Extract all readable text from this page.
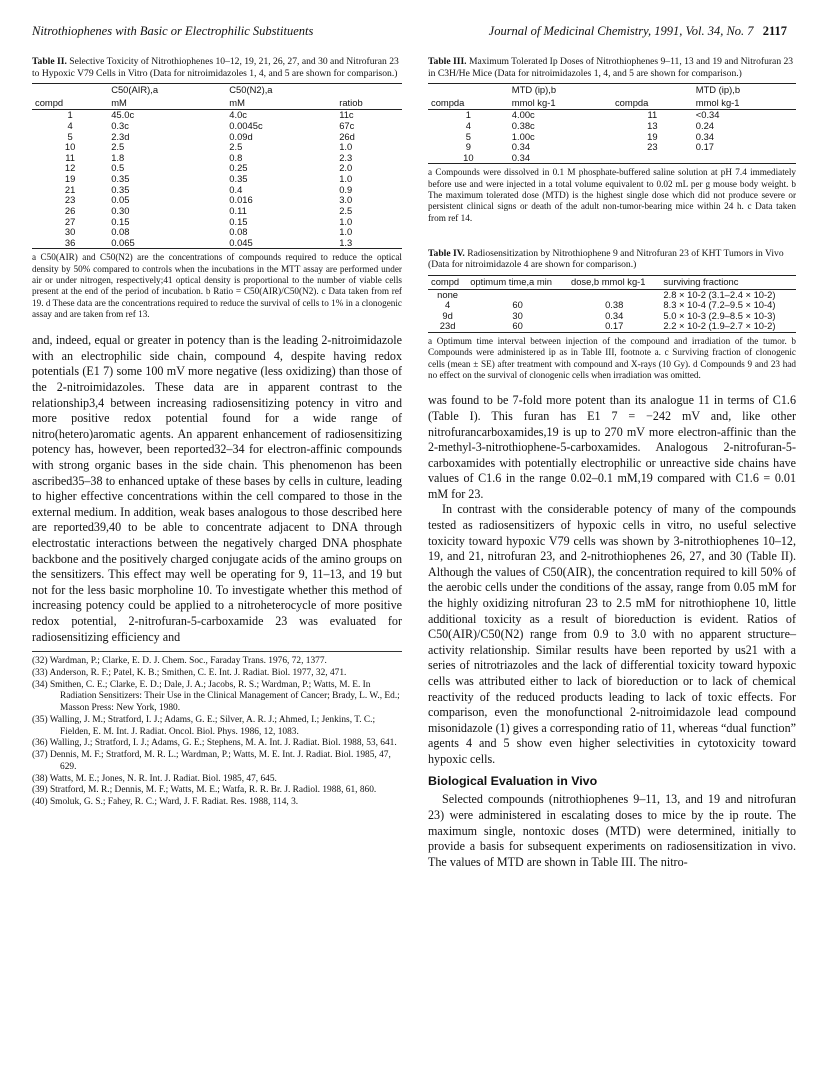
Nitrothiophenes with Basic or Electrophilic Substituents	Journal of Medicinal Chemistry, 1991, Vol. 34, No. 7 2117
Table II. Selective Toxicity of Nitrothiophenes 10–12, 19, 21, 26, 27, and 30 and Nitrofuran 23 to Hypoxic V79 Cells in Vitro (Data for nitroimidazoles 1, 4, and 5 are shown for comparison.)
	C50(AIR),a	C50(N2),a	
compd	mM	mM	ratiob
1	45.0c	4.0c	11c
4	0.3c	0.0045c	67c
5	2.3d	0.09d	26d
10	2.5	2.5	1.0
11	1.8	0.8	2.3
12	0.5	0.25	2.0
19	0.35	0.35	1.0
21	0.35	0.4	0.9
23	0.05	0.016	3.0
26	0.30	0.11	2.5
27	0.15	0.15	1.0
30	0.08	0.08	1.0
36	0.065	0.045	1.3
a C50(AIR) and C50(N2) are the concentrations of compounds required to reduce the optical density by 50% compared to controls when the incubations in the MTT assay are performed under air or under nitrogen, respectively;41 optical density is proportional to the number of viable cells present at the end of the period of incubation. b Ratio = C50(AIR)/C50(N2). c Data taken from ref 19. d These data are the concentrations required to reduce the survival of cells to 1% in a clonogenic assay and are taken from ref 13.

and, indeed, equal or greater in potency than is the leading 2-nitroimidazole with an electrophilic side chain, compound 4, despite having redox potentials (E1 7) some 100 mV more negative (less oxidizing) than those of the 2-nitroimidazoles. These data are in apparent contrast to the relationship3,4 between increasing radiosensitizing potency in vitro and more positive redox potential found for a wide range of nitro(hetero)aromatic agents. An apparent enhancement of radiosensitizing potency has, however, been reported32–34 for electron-affinic compounds with strong organic bases in the side chain. This phenomenon has been ascribed35–38 to enhanced uptake of these bases by cells in culture, leading to higher effective concentrations within the cell compared to those in the external medium. In addition, weak bases analogous to those described here are reported39,40 to be able to concentrate adjacent to DNA through electrostatic interactions between the negatively charged DNA phosphate backbone and the positively charged conjugate acids of the amino groups on the sensitizers. This effect may well be operating for 9, 11–13, and 19 but not for the less basic morpholine 10. To investigate whether this method of increasing potency could be applied to a nitroheterocycle of more positive redox potential, 2-nitrofuran-5-carboxamide 23 was evaluated for radiosensitizing efficiency and

(32) Wardman, P.; Clarke, E. D. J. Chem. Soc., Faraday Trans. 1976, 72, 1377.
(33) Anderson, R. F.; Patel, K. B.; Smithen, C. E. Int. J. Radiat. Biol. 1977, 32, 471.
(34) Smithen, C. E.; Clarke, E. D.; Dale, J. A.; Jacobs, R. S.; Wardman, P.; Watts, M. E. In Radiation Sensitizers: Their Use in the Clinical Management of Cancer; Brady, L. W., Ed.; Masson Press: New York, 1980.
(35) Walling, J. M.; Stratford, I. J.; Adams, G. E.; Silver, A. R. J.; Ahmed, I.; Jenkins, T. C.; Fielden, E. M. Int. J. Radiat. Oncol. Biol. Phys. 1986, 12, 1083.
(36) Walling, J.; Stratford, I. J.; Adams, G. E.; Stephens, M. A. Int. J. Radiat. Biol. 1988, 53, 641.
(37) Dennis, M. F.; Stratford, M. R. L.; Wardman, P.; Watts, M. E. Int. J. Radiat. Biol. 1985, 47, 629.
(38) Watts, M. E.; Jones, N. R. Int. J. Radiat. Biol. 1985, 47, 645.
(39) Stratford, M. R.; Dennis, M. F.; Watts, M. E.; Watfa, R. R. Br. J. Radiol. 1988, 61, 860.
(40) Smoluk, G. S.; Fahey, R. C.; Ward, J. F. Radiat. Res. 1988, 114, 3.
Table III. Maximum Tolerated Ip Doses of Nitrothiophenes 9–11, 13 and 19 and Nitrofuran 23 in C3H/He Mice (Data for nitroimidazoles 1, 4, and 5 are shown for comparison.)
	MTD (ip),b		MTD (ip),b
compda	mmol kg-1	compda	mmol kg-1
1	4.00c	11	<0.34
4	0.38c	13	0.24
5	1.00c	19	0.34
9	0.34	23	0.17
10	0.34		
a Compounds were dissolved in 0.1 M phosphate-buffered saline solution at pH 7.4 immediately before use and were injected in a total volume equivalent to 0.02 mL per g mouse body weight. b The maximum tolerated dose (MTD) is the highest single dose which did not produce severe or persistent clinical signs or death of the adult non-tumor-bearing mice within 24 h. c Data taken from ref 14.
Table IV. Radiosensitization by Nitrothiophene 9 and Nitrofuran 23 of KHT Tumors in Vivo (Data for nitroimidazole 4 are shown for comparison.)
compd	optimum time,a min	dose,b mmol kg-1	surviving fractionc
none			2.8 × 10-2 (3.1–2.4 × 10-2)
4	60	0.38	8.3 × 10-4 (7.2–9.5 × 10-4)
9d	30	0.34	5.0 × 10-3 (2.9–8.5 × 10-3)
23d	60	0.17	2.2 × 10-2 (1.9–2.7 × 10-2)
a Optimum time interval between injection of the compound and irradiation of the tumor. b Compounds were administered ip as in Table III, footnote a. c Surviving fraction of clonogenic cells (mean ± SE) after treatment with compound and X-rays (10 Gy). d Compounds 9 and 23 had no effect on the survival of clonogenic cells when irradiation was omitted.

was found to be 7-fold more potent than its analogue 11 in terms of C1.6 (Table I). This furan has E1 7 = −242 mV and, like other nitrofurancarboxamides,19 is up to 270 mV more electron-affinic than the 2-methyl-3-nitrothiophene-5-carboxamides. Analogous 2-nitrofuran-5-carboxamides with potentially electrophilic or unreactive side chains have values of C1.6 in the range 0.02–0.1 mM,19 compared with C1.6 = 0.01 mM for 23.

In contrast with the considerable potency of many of the compounds tested as radiosensitizers of hypoxic cells in vitro, no useful selective toxicity toward hypoxic V79 cells was shown by 3-nitrothiophenes 10–12, 19, and 21, nitrofuran 23, and 2-nitrothiophenes 26, 27, and 30 (Table II). Although the values of C50(AIR), the concentration required to kill 50% of the aerobic cells under the conditions of the assay, range from 0.05 mM for the highly oxidizing nitrofuran 23 to 2.5 mM for nitrothiophene 10, little additional toxicity as a result of bioreduction is evident. Ratios of C50(AIR)/C50(N2) range from 0.9 to 3.0 with no apparent structure–activity relationship. Similar results have been reported by us21 with a series of nitrotriazoles and the lack of differential toxicity toward hypoxic cells was attributed either to lack of bioreduction or to lack of chemical reactivity of the reduced products leading to lack of toxic effects. For comparison, even the monofunctional 2-nitroimidazole lead compound misonidazole (1) gives a corresponding ratio of 11, whereas “dual function” agents 4 and 5 show even higher selectivities in cytotoxicity toward hypoxic cells.

Biological Evaluation in Vivo

Selected compounds (nitrothiophenes 9–11, 13, and 19 and nitrofuran 23) were administered in escalating doses to mice by the ip route. The maximum single, nontoxic doses (MTD) were determined, initially to provide a basis for subsequent experiments on radiosensitization in vivo. The values of MTD are shown in Table III. The nitro-
